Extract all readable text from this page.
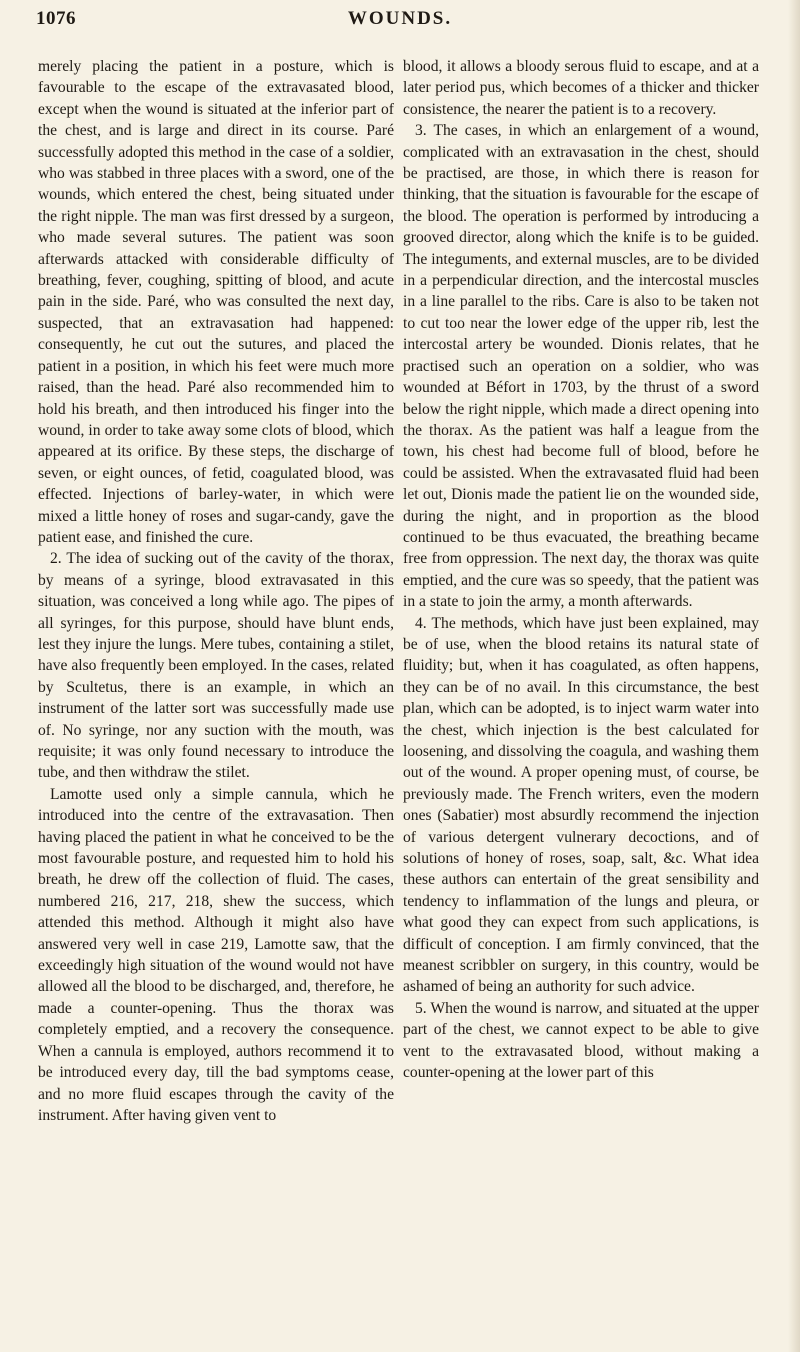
1076	WOUNDS.

merely placing the patient in a posture, which is favourable to the escape of the extravasated blood, except when the wound is situated at the inferior part of the chest, and is large and direct in its course. Paré successfully adopted this method in the case of a soldier, who was stabbed in three places with a sword, one of the wounds, which entered the chest, being situated under the right nipple. The man was first dressed by a surgeon, who made several sutures. The patient was soon afterwards attacked with considerable difficulty of breathing, fever, coughing, spitting of blood, and acute pain in the side. Paré, who was consulted the next day, suspected, that an extravasation had happened: consequently, he cut out the sutures, and placed the patient in a position, in which his feet were much more raised, than the head. Paré also recommended him to hold his breath, and then introduced his finger into the wound, in order to take away some clots of blood, which appeared at its orifice. By these steps, the discharge of seven, or eight ounces, of fetid, coagulated blood, was effected. Injections of barley-water, in which were mixed a little honey of roses and sugar-candy, gave the patient ease, and finished the cure.

2. The idea of sucking out of the cavity of the thorax, by means of a syringe, blood extravasated in this situation, was conceived a long while ago. The pipes of all syringes, for this purpose, should have blunt ends, lest they injure the lungs. Mere tubes, containing a stilet, have also frequently been employed. In the cases, related by Scultetus, there is an example, in which an instrument of the latter sort was successfully made use of. No syringe, nor any suction with the mouth, was requisite; it was only found necessary to introduce the tube, and then withdraw the stilet.

Lamotte used only a simple cannula, which he introduced into the centre of the extravasation. Then having placed the patient in what he conceived to be the most favourable posture, and requested him to hold his breath, he drew off the collection of fluid. The cases, numbered 216, 217, 218, shew the success, which attended this method. Although it might also have answered very well in case 219, Lamotte saw, that the exceedingly high situation of the wound would not have allowed all the blood to be discharged, and, therefore, he made a counter-opening. Thus the thorax was completely emptied, and a recovery the consequence. When a cannula is employed, authors recommend it to be introduced every day, till the bad symptoms cease, and no more fluid escapes through the cavity of the instrument. After having given vent to

blood, it allows a bloody serous fluid to escape, and at a later period pus, which becomes of a thicker and thicker consistence, the nearer the patient is to a recovery.

3. The cases, in which an enlargement of a wound, complicated with an extravasation in the chest, should be practised, are those, in which there is reason for thinking, that the situation is favourable for the escape of the blood. The operation is performed by introducing a grooved director, along which the knife is to be guided. The integuments, and external muscles, are to be divided in a perpendicular direction, and the intercostal muscles in a line parallel to the ribs. Care is also to be taken not to cut too near the lower edge of the upper rib, lest the intercostal artery be wounded. Dionis relates, that he practised such an operation on a soldier, who was wounded at Béfort in 1703, by the thrust of a sword below the right nipple, which made a direct opening into the thorax. As the patient was half a league from the town, his chest had become full of blood, before he could be assisted. When the extravasated fluid had been let out, Dionis made the patient lie on the wounded side, during the night, and in proportion as the blood continued to be thus evacuated, the breathing became free from oppression. The next day, the thorax was quite emptied, and the cure was so speedy, that the patient was in a state to join the army, a month afterwards.

4. The methods, which have just been explained, may be of use, when the blood retains its natural state of fluidity; but, when it has coagulated, as often happens, they can be of no avail. In this circumstance, the best plan, which can be adopted, is to inject warm water into the chest, which injection is the best calculated for loosening, and dissolving the coagula, and washing them out of the wound. A proper opening must, of course, be previously made. The French writers, even the modern ones (Sabatier) most absurdly recommend the injection of various detergent vulnerary decoctions, and of solutions of honey of roses, soap, salt, &c. What idea these authors can entertain of the great sensibility and tendency to inflammation of the lungs and pleura, or what good they can expect from such applications, is difficult of conception. I am firmly convinced, that the meanest scribbler on surgery, in this country, would be ashamed of being an authority for such advice.

5. When the wound is narrow, and situated at the upper part of the chest, we cannot expect to be able to give vent to the extravasated blood, without making a counter-opening at the lower part of this
